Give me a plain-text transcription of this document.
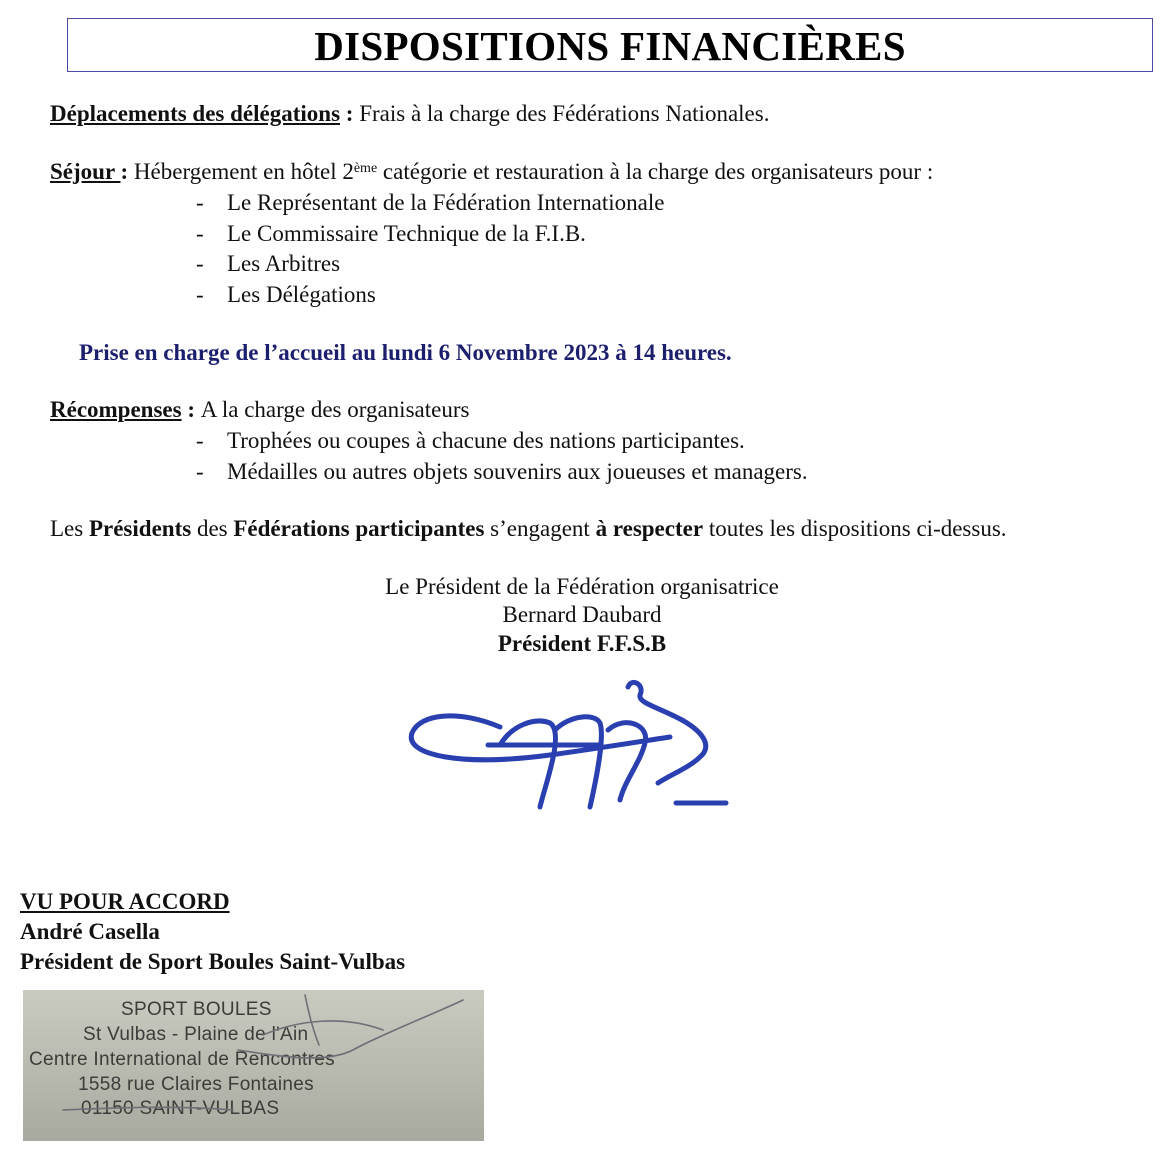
DISPOSITIONS FINANCIÈRES
Déplacements des délégations : Frais à la charge des Fédérations Nationales.
Séjour : Hébergement en hôtel 2ème catégorie et restauration à la charge des organisateurs pour :
- Le Représentant de la Fédération Internationale
- Le Commissaire Technique de la F.I.B.
- Les Arbitres
- Les Délégations
Prise en charge de l’accueil au lundi 6 Novembre 2023 à 14 heures.
Récompenses : A la charge des organisateurs
- Trophées ou coupes à chacune des nations participantes.
- Médailles ou autres objets souvenirs aux joueuses et managers.
Les Présidents des Fédérations participantes s’engagent à respecter toutes les dispositions ci-dessus.
Le Président de la Fédération organisatrice
Bernard Daubard
Président F.F.S.B
VU POUR ACCORD
André Casella
Président de Sport Boules Saint-Vulbas
SPORT BOULES
St Vulbas - Plaine de l'Ain
Centre International de Rencontres
1558 rue Claires Fontaines
01150 SAINT-VULBAS
